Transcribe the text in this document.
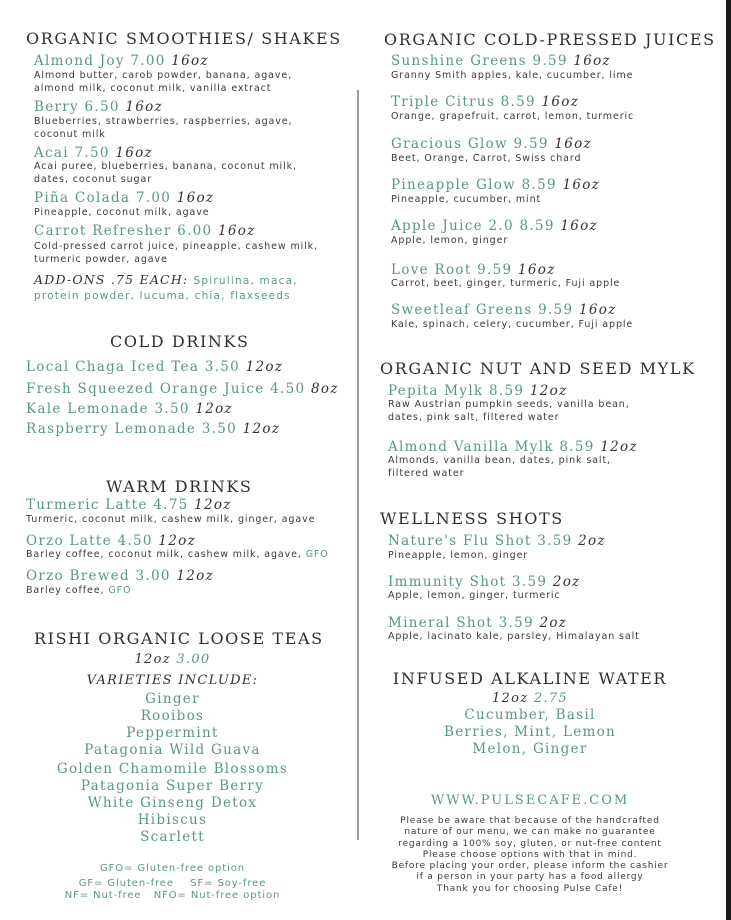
ORGANIC SMOOTHIES/ SHAKES
Almond Joy 7.00 16oz
Almond butter, carob powder, banana, agave,
almond milk, coconut milk, vanilla extract
Berry 6.50 16oz
Blueberries, strawberries, raspberries, agave,
coconut milk
Acai 7.50 16oz
Acai puree, blueberries, banana, coconut milk,
dates, coconut sugar
Piña Colada 7.00 16oz
Pineapple, coconut milk, agave
Carrot Refresher 6.00 16oz
Cold-pressed carrot juice, pineapple, cashew milk,
turmeric powder, agave
ADD-ONS .75 EACH: Spirulina, maca,
protein powder, lucuma, chia, flaxseeds
COLD DRINKS
Local Chaga Iced Tea 3.50 12oz
Fresh Squeezed Orange Juice 4.50 8oz
Kale Lemonade 3.50 12oz
Raspberry Lemonade 3.50 12oz
WARM DRINKS
Turmeric Latte 4.75 12oz
Turmeric, coconut milk, cashew milk, ginger, agave
Orzo Latte 4.50 12oz
Barley coffee, coconut milk, cashew milk, agave, GFO
Orzo Brewed 3.00 12oz
Barley coffee, GFO
RISHI ORGANIC LOOSE TEAS
12oz 3.00
VARIETIES INCLUDE:
Ginger
Rooibos
Peppermint
Patagonia Wild Guava
Golden Chamomile Blossoms
Patagonia Super Berry
White Ginseng Detox
Hibiscus
Scarlett
GFO= Gluten-free option
GF= Gluten-free SF= Soy-free
NF= Nut-free NFO= Nut-free option
ORGANIC COLD-PRESSED JUICES
Sunshine Greens 9.59 16oz
Granny Smith apples, kale, cucumber, lime
Triple Citrus 8.59 16oz
Orange, grapefruit, carrot, lemon, turmeric
Gracious Glow 9.59 16oz
Beet, Orange, Carrot, Swiss chard
Pineapple Glow 8.59 16oz
Pineapple, cucumber, mint
Apple Juice 2.0 8.59 16oz
Apple, lemon, ginger
Love Root 9.59 16oz
Carrot, beet, ginger, turmeric, Fuji apple
Sweetleaf Greens 9.59 16oz
Kale, spinach, celery, cucumber, Fuji apple
ORGANIC NUT AND SEED MYLK
Pepita Mylk 8.59 12oz
Raw Austrian pumpkin seeds, vanilla bean,
dates, pink salt, filtered water
Almond Vanilla Mylk 8.59 12oz
Almonds, vanilla bean, dates, pink salt,
filtered water
WELLNESS SHOTS
Nature's Flu Shot 3.59 2oz
Pineapple, lemon, ginger
Immunity Shot 3.59 2oz
Apple, lemon, ginger, turmeric
Mineral Shot 3.59 2oz
Apple, lacinato kale, parsley, Himalayan salt
INFUSED ALKALINE WATER
12oz 2.75
Cucumber, Basil
Berries, Mint, Lemon
Melon, Ginger
WWW.PULSECAFE.COM
Please be aware that because of the handcrafted
nature of our menu, we can make no guarantee
regarding a 100% soy, gluten, or nut-free content
Please choose options with that in mind.
Before placing your order, please inform the cashier
if a person in your party has a food allergy
Thank you for choosing Pulse Cafe!
